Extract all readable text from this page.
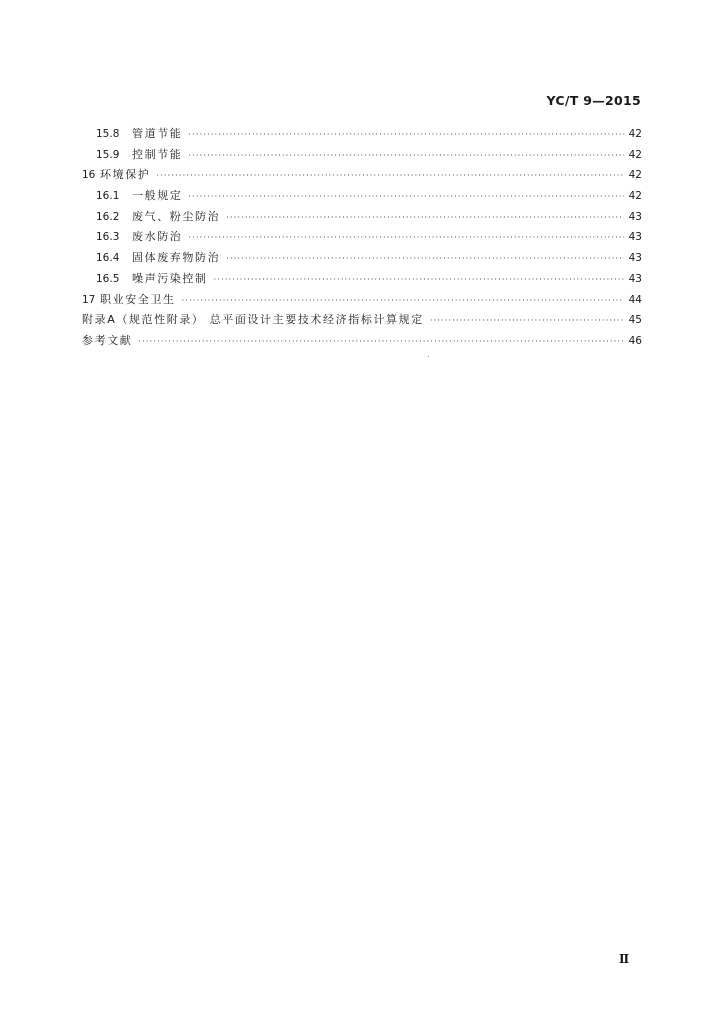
YC/T 9—2015
15.8	管道节能 ·····	42
15.9	控制节能 ·····	42
16 环境保护 ·····	42
16.1	一般规定 ·····	42
16.2	废气、粉尘防治 ·····	43
16.3	废水防治 ·····	43
16.4	固体废弃物防治 ·····	43
16.5	噪声污染控制 ·····	43
17 职业安全卫生 ·····	44
附录A（规范性附录） 总平面设计主要技术经济指标计算规定 ·····	45
参考文献 ·····	46
Ⅱ
